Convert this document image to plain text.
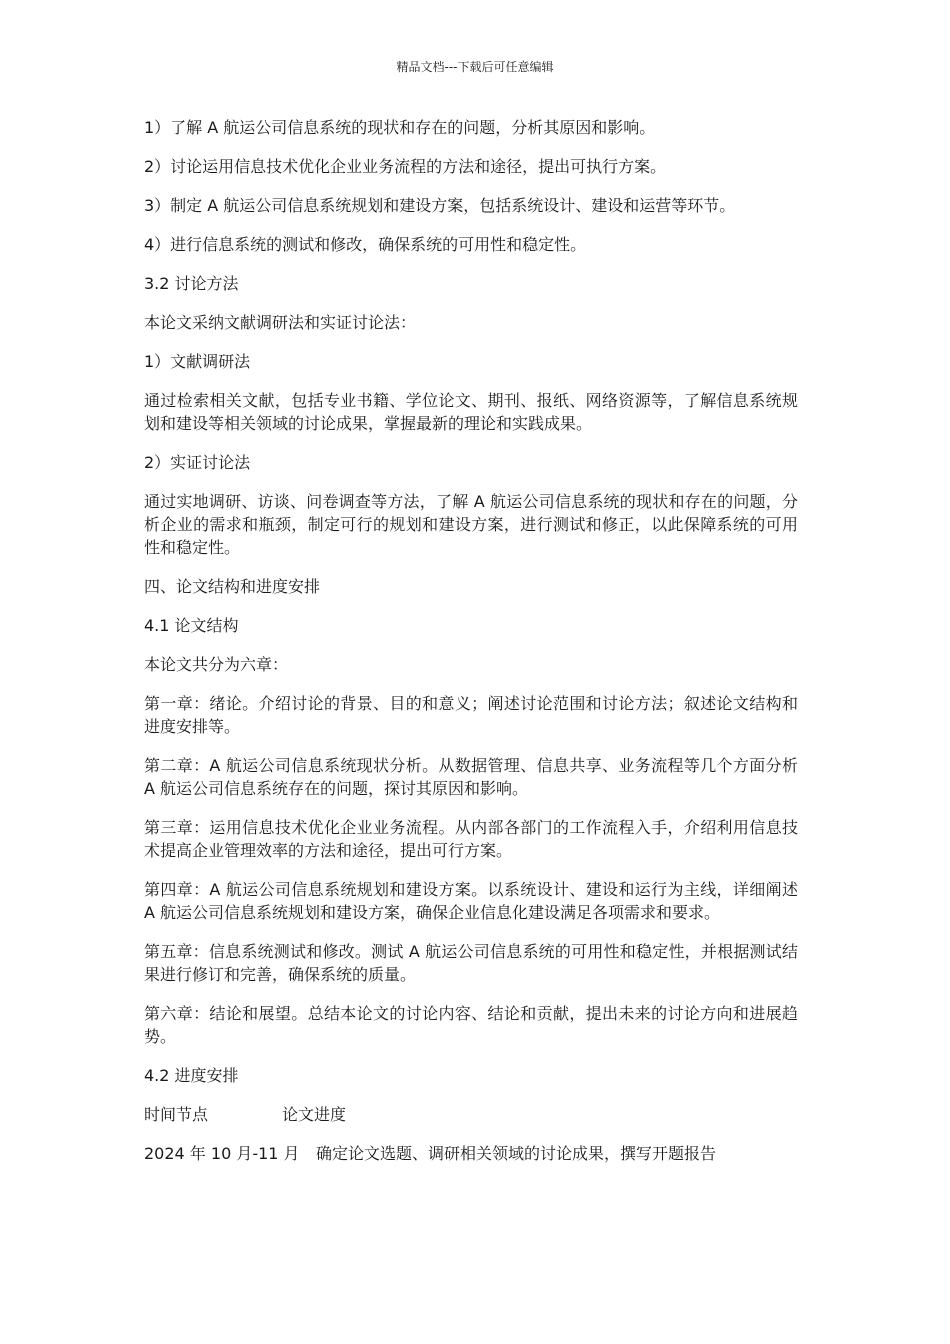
精品文档---下载后可任意编辑

1）了解 A 航运公司信息系统的现状和存在的问题，分析其原因和影响。

2）讨论运用信息技术优化企业业务流程的方法和途径，提出可执行方案。

3）制定 A 航运公司信息系统规划和建设方案，包括系统设计、建设和运营等环节。

4）进行信息系统的测试和修改，确保系统的可用性和稳定性。

3.2 讨论方法

本论文采纳文献调研法和实证讨论法：

1）文献调研法

通过检索相关文献，包括专业书籍、学位论文、期刊、报纸、网络资源等，了解信息系统规划和建设等相关领域的讨论成果，掌握最新的理论和实践成果。

2）实证讨论法

通过实地调研、访谈、问卷调查等方法，了解 A 航运公司信息系统的现状和存在的问题，分析企业的需求和瓶颈，制定可行的规划和建设方案，进行测试和修正，以此保障系统的可用性和稳定性。

四、论文结构和进度安排

4.1 论文结构

本论文共分为六章：

第一章：绪论。介绍讨论的背景、目的和意义；阐述讨论范围和讨论方法；叙述论文结构和进度安排等。

第二章：A 航运公司信息系统现状分析。从数据管理、信息共享、业务流程等几个方面分析 A 航运公司信息系统存在的问题，探讨其原因和影响。

第三章：运用信息技术优化企业业务流程。从内部各部门的工作流程入手，介绍利用信息技术提高企业管理效率的方法和途径，提出可行方案。

第四章：A 航运公司信息系统规划和建设方案。以系统设计、建设和运行为主线，详细阐述 A 航运公司信息系统规划和建设方案，确保企业信息化建设满足各项需求和要求。

第五章：信息系统测试和修改。测试 A 航运公司信息系统的可用性和稳定性，并根据测试结果进行修订和完善，确保系统的质量。

第六章：结论和展望。总结本论文的讨论内容、结论和贡献，提出未来的讨论方向和进展趋势。

4.2 进度安排

时间节点	论文进度
2024 年 10 月-11 月	确定论文选题、调研相关领域的讨论成果，撰写开题报告
